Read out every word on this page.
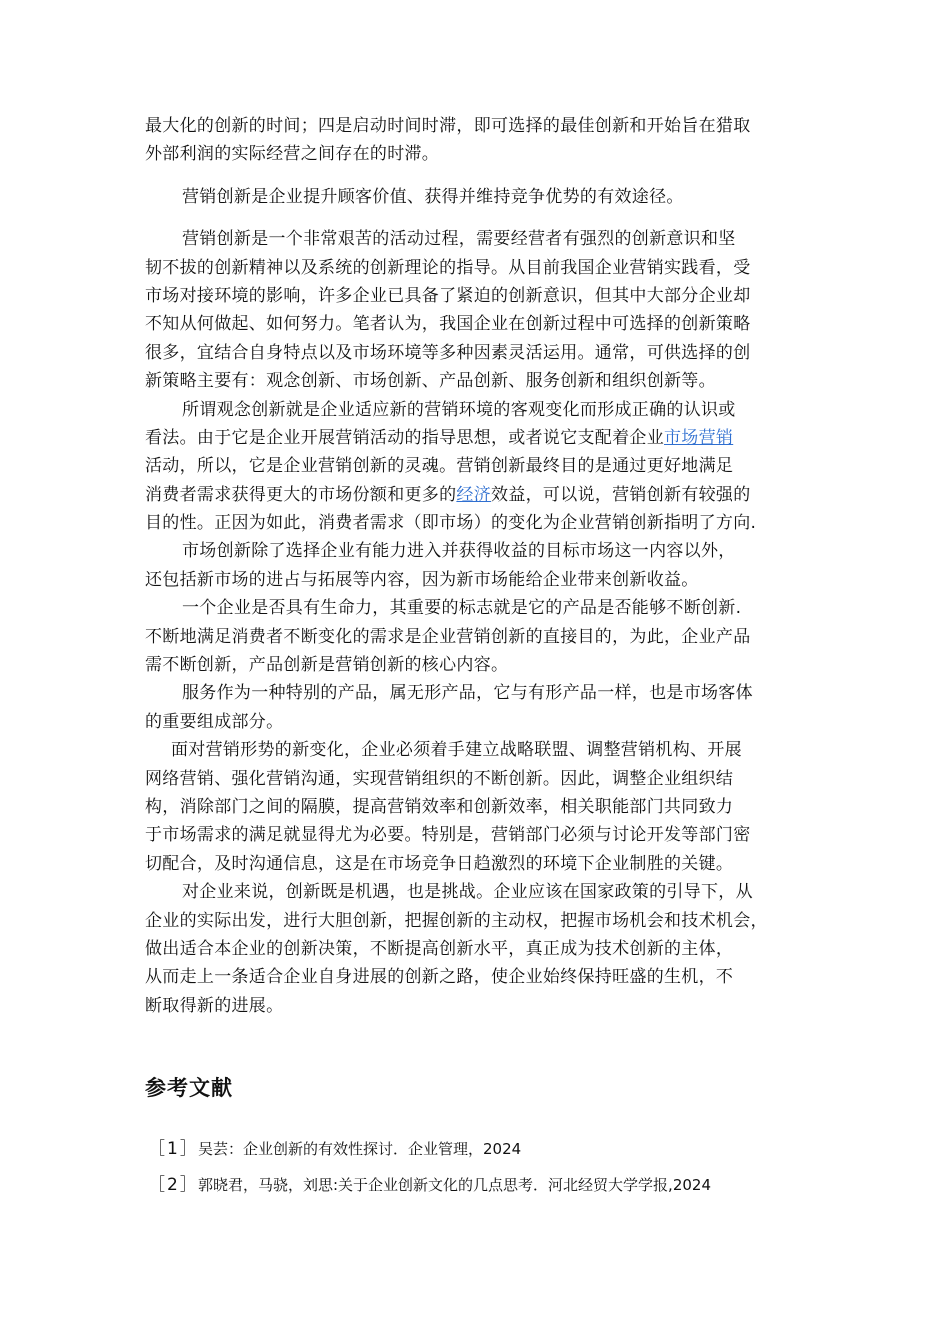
最大化的创新的时间；四是启动时间时滞，即可选择的最佳创新和开始旨在猎取
外部利润的实际经营之间存在的时滞。
营销创新是企业提升顾客价值、获得并维持竞争优势的有效途径。
营销创新是一个非常艰苦的活动过程，需要经营者有强烈的创新意识和坚
韧不拔的创新精神以及系统的创新理论的指导。从目前我国企业营销实践看，受
市场对接环境的影响，许多企业已具备了紧迫的创新意识，但其中大部分企业却
不知从何做起、如何努力。笔者认为，我国企业在创新过程中可选择的创新策略
很多，宜结合自身特点以及市场环境等多种因素灵活运用。通常，可供选择的创
新策略主要有：观念创新、市场创新、产品创新、服务创新和组织创新等。
所谓观念创新就是企业适应新的营销环境的客观变化而形成正确的认识或
看法。由于它是企业开展营销活动的指导思想，或者说它支配着企业市场营销
活动，所以，它是企业营销创新的灵魂。营销创新最终目的是通过更好地满足
消费者需求获得更大的市场份额和更多的经济效益，可以说，营销创新有较强的
目的性。正因为如此，消费者需求（即市场）的变化为企业营销创新指明了方向.
市场创新除了选择企业有能力进入并获得收益的目标市场这一内容以外，
还包括新市场的进占与拓展等内容，因为新市场能给企业带来创新收益。
一个企业是否具有生命力，其重要的标志就是它的产品是否能够不断创新.
不断地满足消费者不断变化的需求是企业营销创新的直接目的，为此，企业产品
需不断创新，产品创新是营销创新的核心内容。
服务作为一种特别的产品，属无形产品，它与有形产品一样，也是市场客体
的重要组成部分。
面对营销形势的新变化，企业必须着手建立战略联盟、调整营销机构、开展
网络营销、强化营销沟通，实现营销组织的不断创新。因此，调整企业组织结
构，消除部门之间的隔膜，提高营销效率和创新效率，相关职能部门共同致力
于市场需求的满足就显得尤为必要。特别是，营销部门必须与讨论开发等部门密
切配合，及时沟通信息，这是在市场竞争日趋激烈的环境下企业制胜的关键。
对企业来说，创新既是机遇，也是挑战。企业应该在国家政策的引导下，从
企业的实际出发，进行大胆创新，把握创新的主动权，把握市场机会和技术机会，
做出适合本企业的创新决策，不断提高创新水平，真正成为技术创新的主体，
从而走上一条适合企业自身进展的创新之路，使企业始终保持旺盛的生机，不
断取得新的进展。
参考文献
［1］吴芸：企业创新的有效性探讨．企业管理，2024
［2］郭晓君，马骁，刘思:关于企业创新文化的几点思考．河北经贸大学学报,2024
